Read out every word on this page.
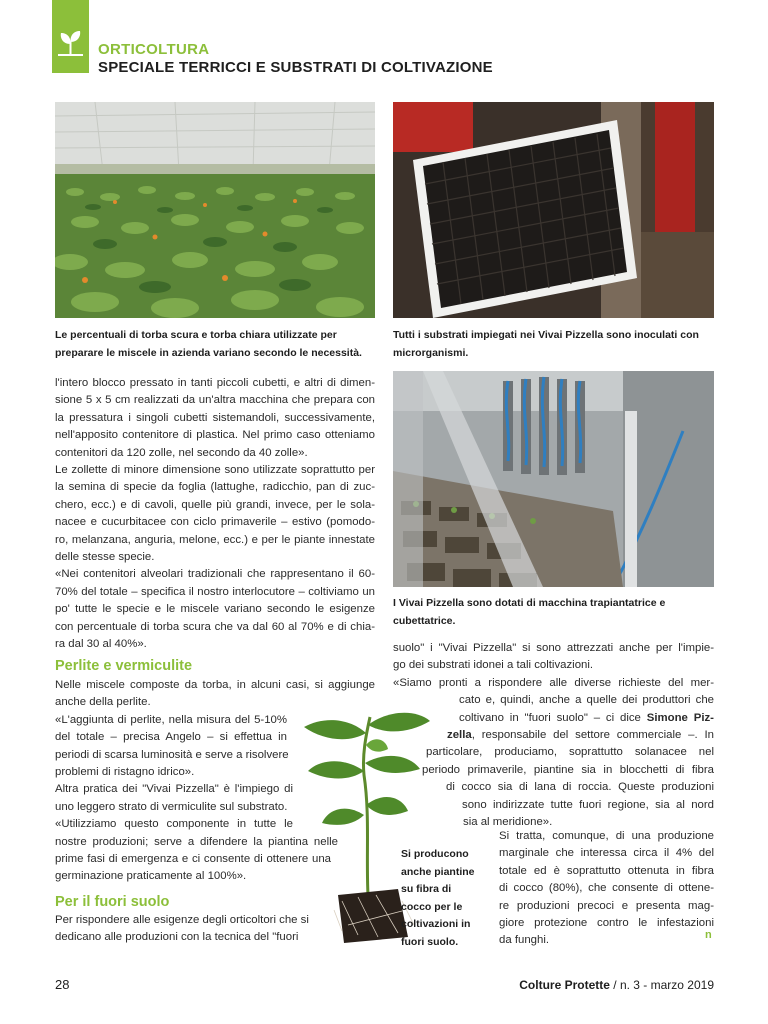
ORTICOLTURA
SPECIALE TERRICCI E SUBSTRATI DI COLTIVAZIONE
Le percentuali di torba scura e torba chiara utilizzate per
preparare le miscele in azienda variano secondo le necessità.
Tutti i substrati impiegati nei Vivai Pizzella sono inoculati con
microrganismi.
I Vivai Pizzella sono dotati di macchina trapiantatrice e
cubettatrice.
l'intero blocco pressato in tanti piccoli cubetti, e altri di dimen-
sione 5 x 5 cm realizzati da un'altra macchina che prepara con
la pressatura i singoli cubetti sistemandoli, successivamente,
nell'apposito contenitore di plastica. Nel primo caso otteniamo
contenitori da 120 zolle, nel secondo da 40 zolle».
Le zollette di minore dimensione sono utilizzate soprattutto per
la semina di specie da foglia (lattughe, radicchio, pan di zuc-
chero, ecc.) e di cavoli, quelle più grandi, invece, per le sola-
nacee e cucurbitacee con ciclo primaverile – estivo (pomodo-
ro, melanzana, anguria, melone, ecc.) e per le piante innestate
delle stesse specie.
«Nei contenitori alveolari tradizionali che rappresentano il 60-
70% del totale – specifica il nostro interlocutore – coltiviamo un
po' tutte le specie e le miscele variano secondo le esigenze
con percentuale di torba scura che va dal 60 al 70% e di chia-
ra dal 30 al 40%».
Perlite e vermiculite
Nelle miscele composte da torba, in alcuni casi, si aggiunge
anche della perlite.
«L'aggiunta di perlite, nella misura del 5-10%
del totale – precisa Angelo – si effettua in
periodi di scarsa luminosità e serve a risolvere
problemi di ristagno idrico».
Altra pratica dei "Vivai Pizzella" è l'impiego di
uno leggero strato di vermiculite sul substrato.
«Utilizziamo questo componente in tutte le
nostre produzioni; serve a difendere la piantina nelle
prime fasi di emergenza e ci consente di ottenere una
germinazione praticamente al 100%».
Per il fuori suolo
Per rispondere alle esigenze degli orticoltori che si
dedicano alle produzioni con la tecnica del "fuori
suolo" i "Vivai Pizzella" si sono attrezzati anche per l'impie-
go dei substrati idonei a tali coltivazioni.
«Siamo pronti a rispondere alle diverse richieste del mer-
cato e, quindi, anche a quelle dei produttori che
coltivano in "fuori suolo" – ci dice Simone Piz-
zella, responsabile del settore commerciale –. In
particolare, produciamo, soprattutto solanacee nel
periodo primaverile, piantine sia in blocchetti di fibra
di cocco sia di lana di roccia. Queste produzioni
sono indirizzate tutte fuori regione, sia al nord
sia al meridione».
Si producono
anche piantine
su fibra di
cocco per le
coltivazioni in
fuori suolo.
Si tratta, comunque, di una produzione
marginale che interessa circa il 4% del
totale ed è soprattutto ottenuta in fibra
di cocco (80%), che consente di ottene-
re produzioni precoci e presenta mag-
giore protezione contro le infestazioni
da funghi.	n
28	Colture Protette / n. 3 - marzo 2019
